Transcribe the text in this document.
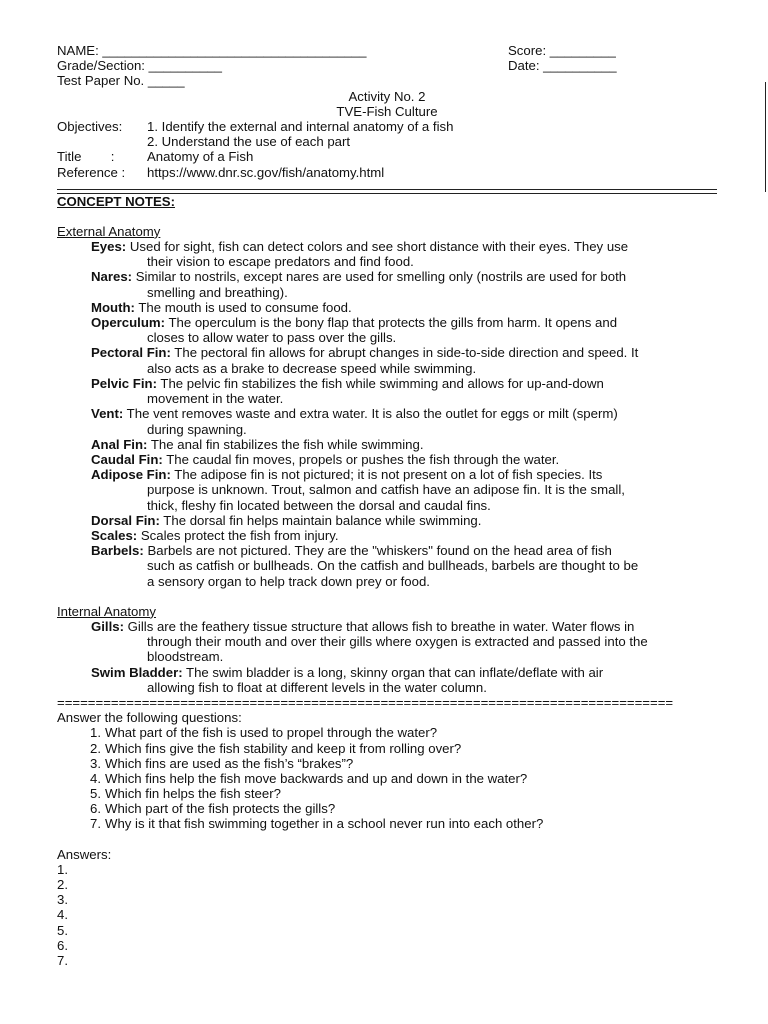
NAME: ____________________________________	Score: _________
Grade/Section: __________	Date: __________
Test Paper No. _____
Activity No. 2
TVE-Fish Culture
Objectives: 1. Identify the external and internal anatomy of a fish
2. Understand the use of each part
Title        : Anatomy of a Fish
Reference : https://www.dnr.sc.gov/fish/anatomy.html
CONCEPT NOTES:
External Anatomy
Eyes: Used for sight, fish can detect colors and see short distance with their eyes. They use
their vision to escape predators and find food.
Nares: Similar to nostrils, except nares are used for smelling only (nostrils are used for both
smelling and breathing).
Mouth: The mouth is used to consume food.
Operculum: The operculum is the bony flap that protects the gills from harm. It opens and
closes to allow water to pass over the gills.
Pectoral Fin: The pectoral fin allows for abrupt changes in side-to-side direction and speed. It
also acts as a brake to decrease speed while swimming.
Pelvic Fin: The pelvic fin stabilizes the fish while swimming and allows for up-and-down
movement in the water.
Vent: The vent removes waste and extra water. It is also the outlet for eggs or milt (sperm)
during spawning.
Anal Fin: The anal fin stabilizes the fish while swimming.
Caudal Fin: The caudal fin moves, propels or pushes the fish through the water.
Adipose Fin: The adipose fin is not pictured; it is not present on a lot of fish species. Its
purpose is unknown. Trout, salmon and catfish have an adipose fin. It is the small,
thick, fleshy fin located between the dorsal and caudal fins.
Dorsal Fin: The dorsal fin helps maintain balance while swimming.
Scales: Scales protect the fish from injury.
Barbels: Barbels are not pictured. They are the "whiskers" found on the head area of fish
such as catfish or bullheads. On the catfish and bullheads, barbels are thought to be
a sensory organ to help track down prey or food.
Internal Anatomy
Gills: Gills are the feathery tissue structure that allows fish to breathe in water. Water flows in
through their mouth and over their gills where oxygen is extracted and passed into the
bloodstream.
Swim Bladder: The swim bladder is a long, skinny organ that can inflate/deflate with air
allowing fish to float at different levels in the water column.
================================================================================
Answer the following questions:
1. What part of the fish is used to propel through the water?
2. Which fins give the fish stability and keep it from rolling over?
3. Which fins are used as the fish’s “brakes”?
4. Which fins help the fish move backwards and up and down in the water?
5. Which fin helps the fish steer?
6. Which part of the fish protects the gills?
7. Why is it that fish swimming together in a school never run into each other?
Answers:
1.
2.
3.
4.
5.
6.
7.
